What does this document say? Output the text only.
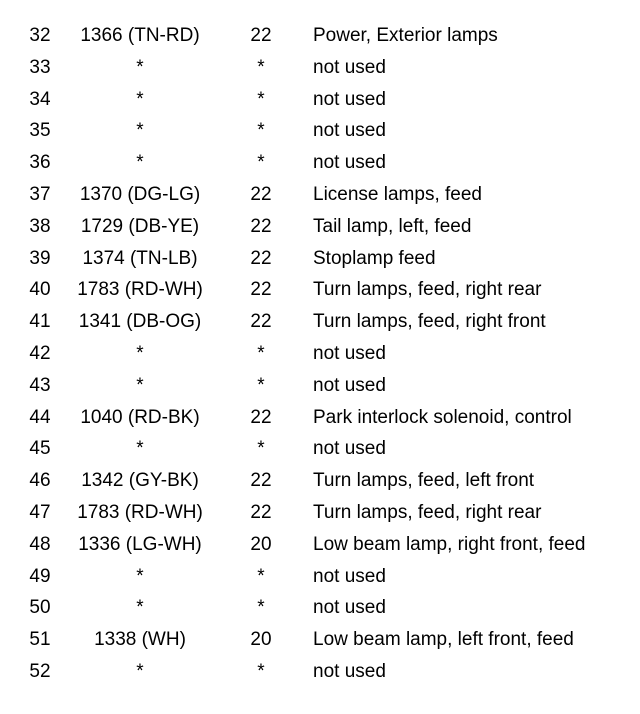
32	1366 (TN-RD)	22	Power, Exterior lamps
33	*	*	not used
34	*	*	not used
35	*	*	not used
36	*	*	not used
37	1370 (DG-LG)	22	License lamps, feed
38	1729 (DB-YE)	22	Tail lamp, left, feed
39	1374 (TN-LB)	22	Stoplamp feed
40	1783 (RD-WH)	22	Turn lamps, feed, right rear
41	1341 (DB-OG)	22	Turn lamps, feed, right front
42	*	*	not used
43	*	*	not used
44	1040 (RD-BK)	22	Park interlock solenoid, control
45	*	*	not used
46	1342 (GY-BK)	22	Turn lamps, feed, left front
47	1783 (RD-WH)	22	Turn lamps, feed, right rear
48	1336 (LG-WH)	20	Low beam lamp, right front, feed
49	*	*	not used
50	*	*	not used
51	1338 (WH)	20	Low beam lamp, left front, feed
52	*	*	not used
